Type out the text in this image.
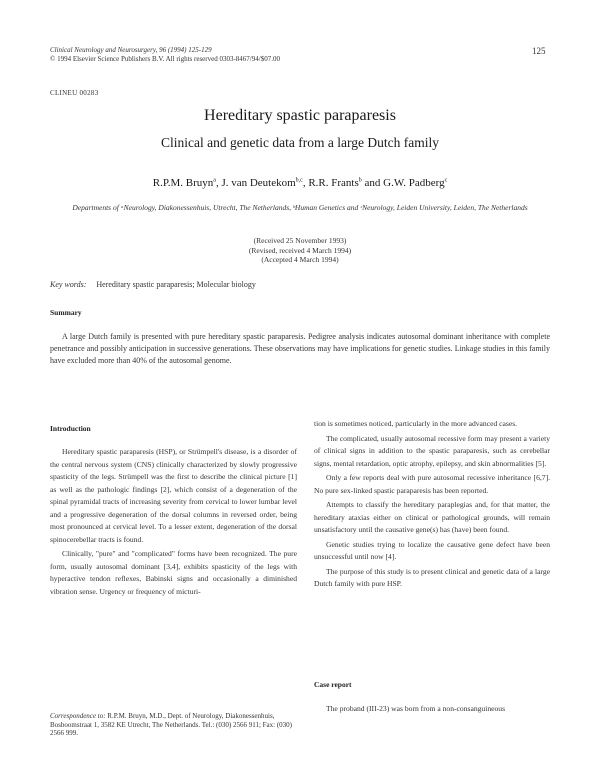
Clinical Neurology and Neurosurgery, 96 (1994) 125-129
© 1994 Elsevier Science Publishers B.V. All rights reserved 0303-8467/94/$07.00
125
CLINEU 00283
Hereditary spastic paraparesis
Clinical and genetic data from a large Dutch family
R.P.M. Bruyn$^a$, J. van Deutekom$^{b,c}$, R.R. Frants$^b$ and G.W. Padberg$^c$
Departments of ᵃNeurology, Diakonessenhuis, Utrecht, The Netherlands, ᵇHuman Genetics and ᶜNeurology, Leiden University, Leiden, The Netherlands
(Received 25 November 1993)
(Revised, received 4 March 1994)
(Accepted 4 March 1994)
Key words: Hereditary spastic paraparesis; Molecular biology
Summary
A large Dutch family is presented with pure hereditary spastic paraparesis. Pedigree analysis indicates autosomal dominant inheritance with complete penetrance and possibly anticipation in successive generations. These observations may have implications for genetic studies. Linkage studies in this family have excluded more than 40% of the autosomal genome.
Introduction

Hereditary spastic paraparesis (HSP), or Strümpell's disease, is a disorder of the central nervous system (CNS) clinically characterized by slowly progressive spasticity of the legs. Strümpell was the first to describe the clinical picture [1] as well as the pathologic findings [2], which consist of a degeneration of the spinal pyramidal tracts of increasing severity from cervical to lower lumbar level and a progressive degeneration of the dorsal columns in reversed order, being most pronounced at cervical level. To a lesser extent, degeneration of the dorsal spinocerebellar tracts is found.

Clinically, "pure" and "complicated" forms have been recognized. The pure form, usually autosomal dominant [3,4], exhibits spasticity of the legs with hyperactive tendon reflexes, Babinski signs and occasionally a diminished vibration sense. Urgency or frequency of micturi-

tion is sometimes noticed, particularly in the more advanced cases.

The complicated, usually autosomal recessive form may present a variety of clinical signs in addition to the spastic paraparesis, such as cerebellar signs, mental retardation, optic atrophy, epilepsy, and skin abnormalities [5].

Only a few reports deal with pure autosomal recessive inheritance [6,7]. No pure sex-linked spastic paraparesis has been reported.

Attempts to classify the hereditary paraplegias and, for that matter, the hereditary ataxias either on clinical or pathological grounds, will remain unsatisfactory until the causative gene(s) has (have) been found.

Genetic studies trying to localize the causative gene defect have been unsuccessful until now [4].

The purpose of this study is to present clinical and genetic data of a large Dutch family with pure HSP.

Correspondence to: R.P.M. Bruyn, M.D., Dept. of Neurology, Diakonessenhuis, Bosboomstraat 1, 3582 KE Utrecht, The Netherlands. Tel.: (030) 2566 911; Fax: (030) 2566 999.
Case report
The proband (III-23) was born from a non-consanguineous
